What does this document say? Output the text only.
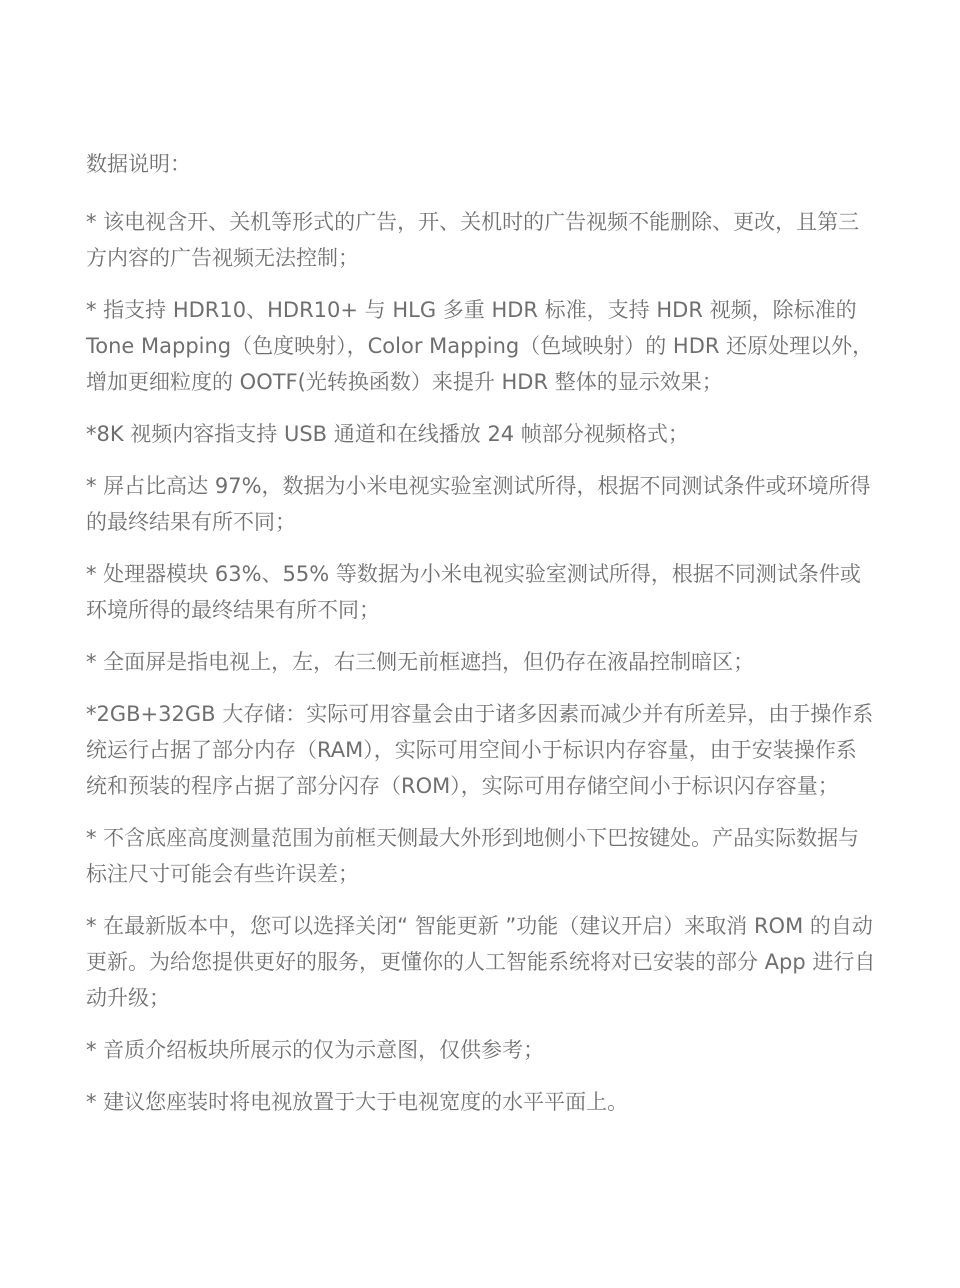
数据说明：

* 该电视含开、关机等形式的广告，开、关机时的广告视频不能删除、更改，且第三方内容的广告视频无法控制；

* 指支持 HDR10、HDR10+ 与 HLG 多重 HDR 标准，支持 HDR 视频，除标准的 Tone Mapping（色度映射），Color Mapping（色域映射）的 HDR 还原处理以外，增加更细粒度的 OOTF(光转换函数）来提升 HDR 整体的显示效果；

*8K 视频内容指支持 USB 通道和在线播放 24 帧部分视频格式；

* 屏占比高达 97%，数据为小米电视实验室测试所得，根据不同测试条件或环境所得的最终结果有所不同；

* 处理器模块 63%、55% 等数据为小米电视实验室测试所得，根据不同测试条件或环境所得的最终结果有所不同；

* 全面屏是指电视上，左，右三侧无前框遮挡，但仍存在液晶控制暗区；

*2GB+32GB 大存储：实际可用容量会由于诸多因素而减少并有所差异，由于操作系统运行占据了部分内存（RAM），实际可用空间小于标识内存容量，由于安装操作系统和预装的程序占据了部分闪存（ROM），实际可用存储空间小于标识闪存容量；

* 不含底座高度测量范围为前框天侧最大外形到地侧小下巴按键处。产品实际数据与标注尺寸可能会有些许误差；

* 在最新版本中，您可以选择关闭“ 智能更新 ”功能（建议开启）来取消 ROM 的自动更新。为给您提供更好的服务，更懂你的人工智能系统将对已安装的部分 App 进行自动升级；

* 音质介绍板块所展示的仅为示意图，仅供参考；

* 建议您座装时将电视放置于大于电视宽度的水平平面上。
